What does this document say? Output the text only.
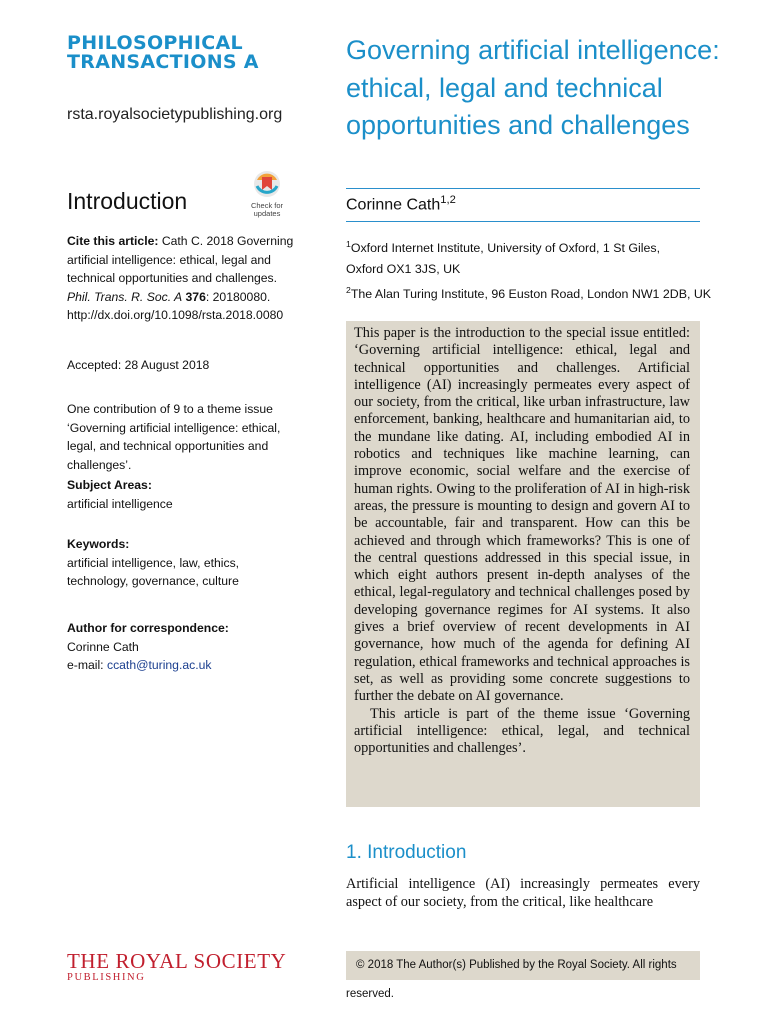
PHILOSOPHICAL
TRANSACTIONS A
rsta.royalsocietypublishing.org
Introduction	Check for
updates
Cite this article: Cath C. 2018 Governing artificial intelligence: ethical, legal and technical opportunities and challenges. Phil. Trans. R. Soc. A 376: 20180080. http://dx.doi.org/10.1098/rsta.2018.0080
Accepted: 28 August 2018
One contribution of 9 to a theme issue ‘Governing artificial intelligence: ethical, legal, and technical opportunities and challenges’.
Subject Areas:
artificial intelligence
Keywords:
artificial intelligence, law, ethics, technology, governance, culture
Author for correspondence:
Corinne Cath
e-mail: ccath@turing.ac.uk
Governing artificial intelligence: ethical, legal and technical opportunities and challenges
Corinne Cath$^{1,2}$
$^1$Oxford Internet Institute, University of Oxford, 1 St Giles,
Oxford OX1 3JS, UK
$^2$The Alan Turing Institute, 96 Euston Road, London NW1 2DB, UK

This paper is the introduction to the special issue entitled: ‘Governing artificial intelligence: ethical, legal and technical opportunities and challenges. Artificial intelligence (AI) increasingly permeates every aspect of our society, from the critical, like urban infrastructure, law enforcement, banking, healthcare and humanitarian aid, to the mundane like dating. AI, including embodied AI in robotics and techniques like machine learning, can improve economic, social welfare and the exercise of human rights. Owing to the proliferation of AI in high-risk areas, the pressure is mounting to design and govern AI to be accountable, fair and transparent. How can this be achieved and through which frameworks? This is one of the central questions addressed in this special issue, in which eight authors present in-depth analyses of the ethical, legal-regulatory and technical challenges posed by developing governance regimes for AI systems. It also gives a brief overview of recent developments in AI governance, how much of the agenda for defining AI regulation, ethical frameworks and technical approaches is set, as well as providing some concrete suggestions to further the debate on AI governance.

This article is part of the theme issue ‘Governing artificial intelligence: ethical, legal, and technical opportunities and challenges’.

1. Introduction
Artificial intelligence (AI) increasingly permeates every aspect of our society, from the critical, like healthcare
THE ROYAL SOCIETY
PUBLISHING
© 2018 The Author(s) Published by the Royal Society. All rights reserved.
